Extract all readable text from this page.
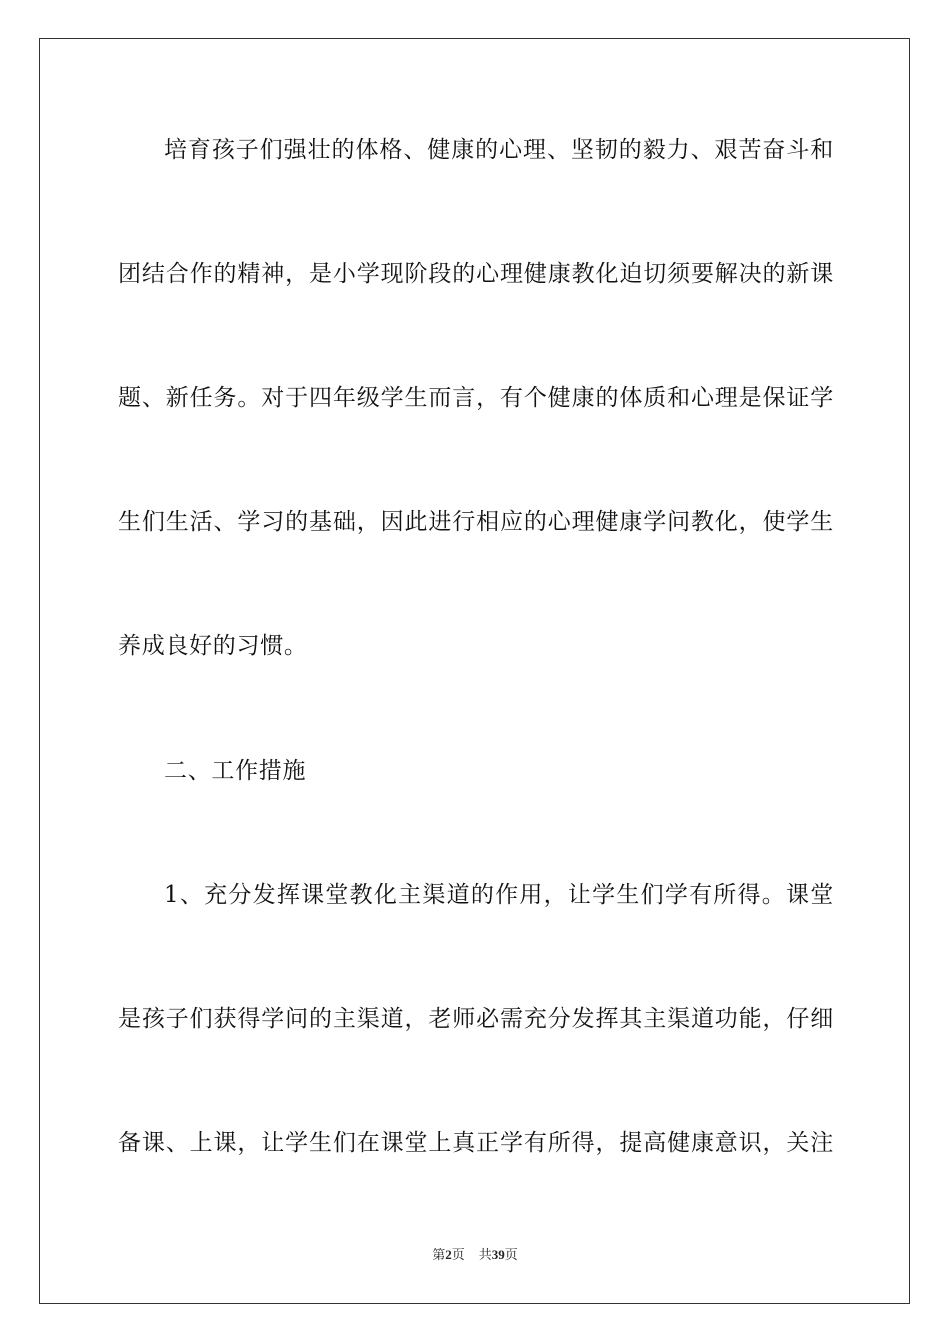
培育孩子们强壮的体格、健康的心理、坚韧的毅力、艰苦奋斗和
团结合作的精神，是小学现阶段的心理健康教化迫切须要解决的新课
题、新任务。对于四年级学生而言，有个健康的体质和心理是保证学
生们生活、学习的基础，因此进行相应的心理健康学问教化，使学生
养成良好的习惯。
二、工作措施
1、充分发挥课堂教化主渠道的作用，让学生们学有所得。课堂
是孩子们获得学问的主渠道，老师必需充分发挥其主渠道功能，仔细
备课、上课，让学生们在课堂上真正学有所得，提高健康意识，关注
第2页 共39页
